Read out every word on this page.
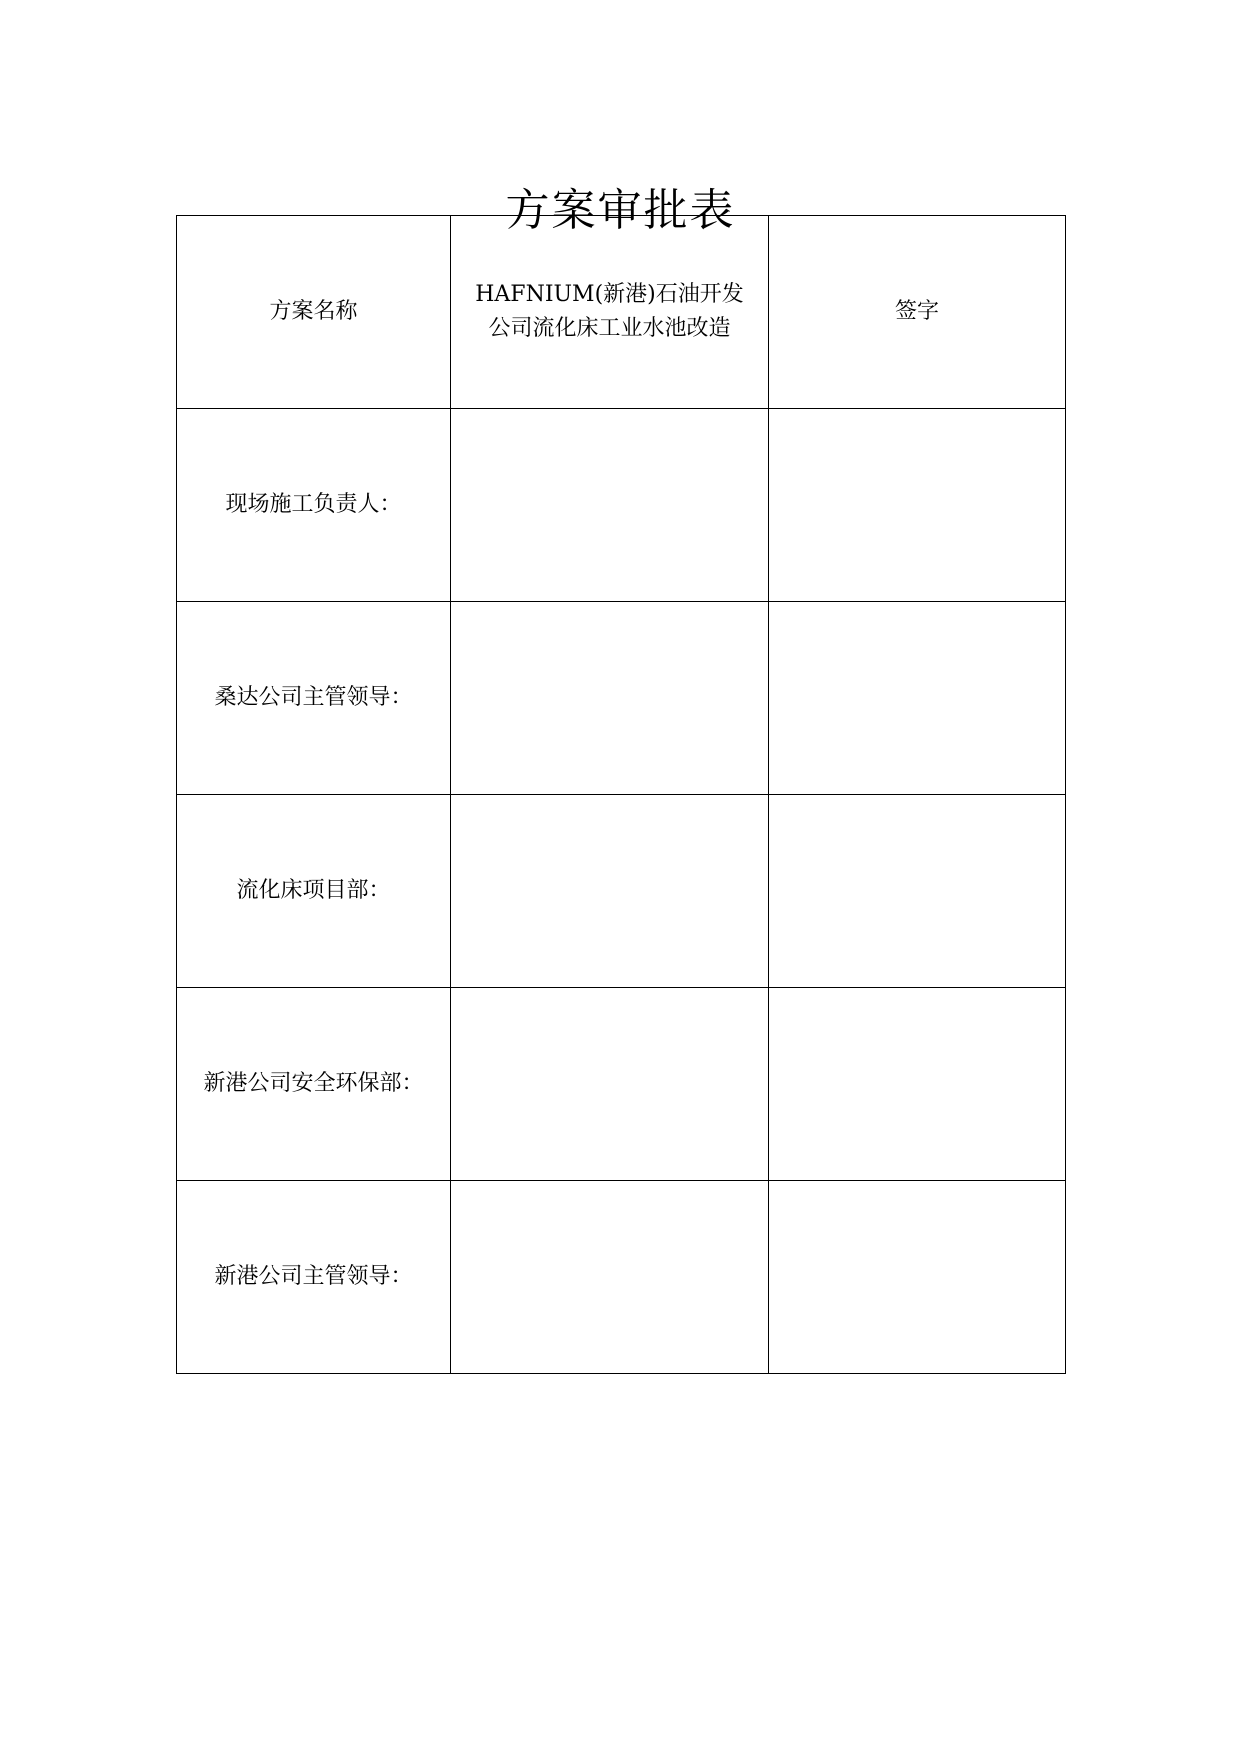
方案审批表
方案名称	HAFNIUM(新港)石油开发公司流化床工业水池改造	签字
现场施工负责人：		
桑达公司主管领导：		
流化床项目部：		
新港公司安全环保部：		
新港公司主管领导：		
